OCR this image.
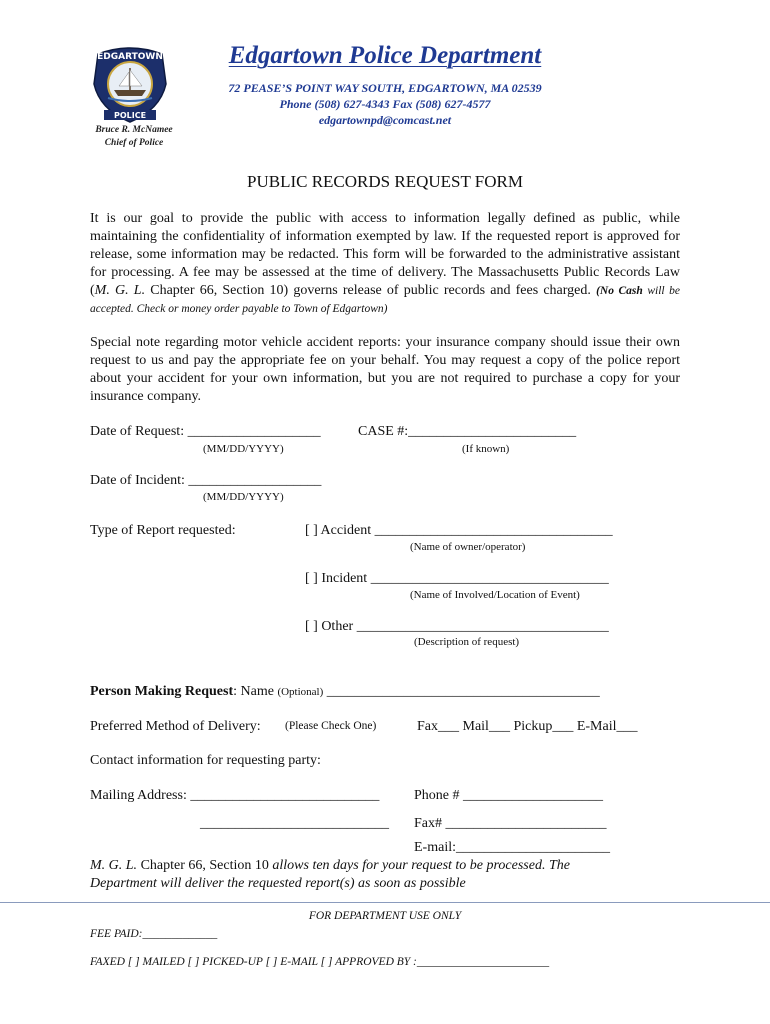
EDGARTOWN
POLICE
Bruce R. McNamee
Chief of Police
Edgartown Police Department
72 PEASE’S POINT WAY SOUTH, EDGARTOWN, MA 02539
Phone (508) 627-4343 Fax (508) 627-4577
edgartownpd@comcast.net
PUBLIC RECORDS REQUEST FORM
It is our goal to provide the public with access to information legally defined as public, while maintaining the confidentiality of information exempted by law. If the requested report is approved for release, some information may be redacted. This form will be forwarded to the administrative assistant for processing. A fee may be assessed at the time of delivery. The Massachusetts Public Records Law (M. G. L. Chapter 66, Section 10) governs release of public records and fees charged. (No Cash will be accepted. Check or money order payable to Town of Edgartown)
Special note regarding motor vehicle accident reports: your insurance company should issue their own request to us and pay the appropriate fee on your behalf. You may request a copy of the police report about your accident for your own information, but you are not required to purchase a copy for your insurance company.
Date of Request: ___________________
(MM/DD/YYYY)
CASE #:________________________
(If known)
Date of Incident: ___________________
(MM/DD/YYYY)
Type of Report requested:	[ ] Accident __________________________________
(Name of owner/operator)
[ ] Incident __________________________________
(Name of Involved/Location of Event)
[ ] Other ____________________________________
(Description of request)
Person Making Request: Name (Optional) _______________________________________
Preferred Method of Delivery: (Please Check One)	Fax___ Mail___ Pickup___ E-Mail___
Contact information for requesting party:
Mailing Address: ___________________________ Phone # ____________________
___________________________ Fax# _______________________
E-mail:______________________
M. G. L. Chapter 66, Section 10 allows ten days for your request to be processed. The
Department will deliver the requested report(s) as soon as possible
FOR DEPARTMENT USE ONLY
FEE PAID:_____________
FAXED [ ] MAILED [ ] PICKED-UP [ ] E-MAIL [ ] APPROVED BY :_______________________
